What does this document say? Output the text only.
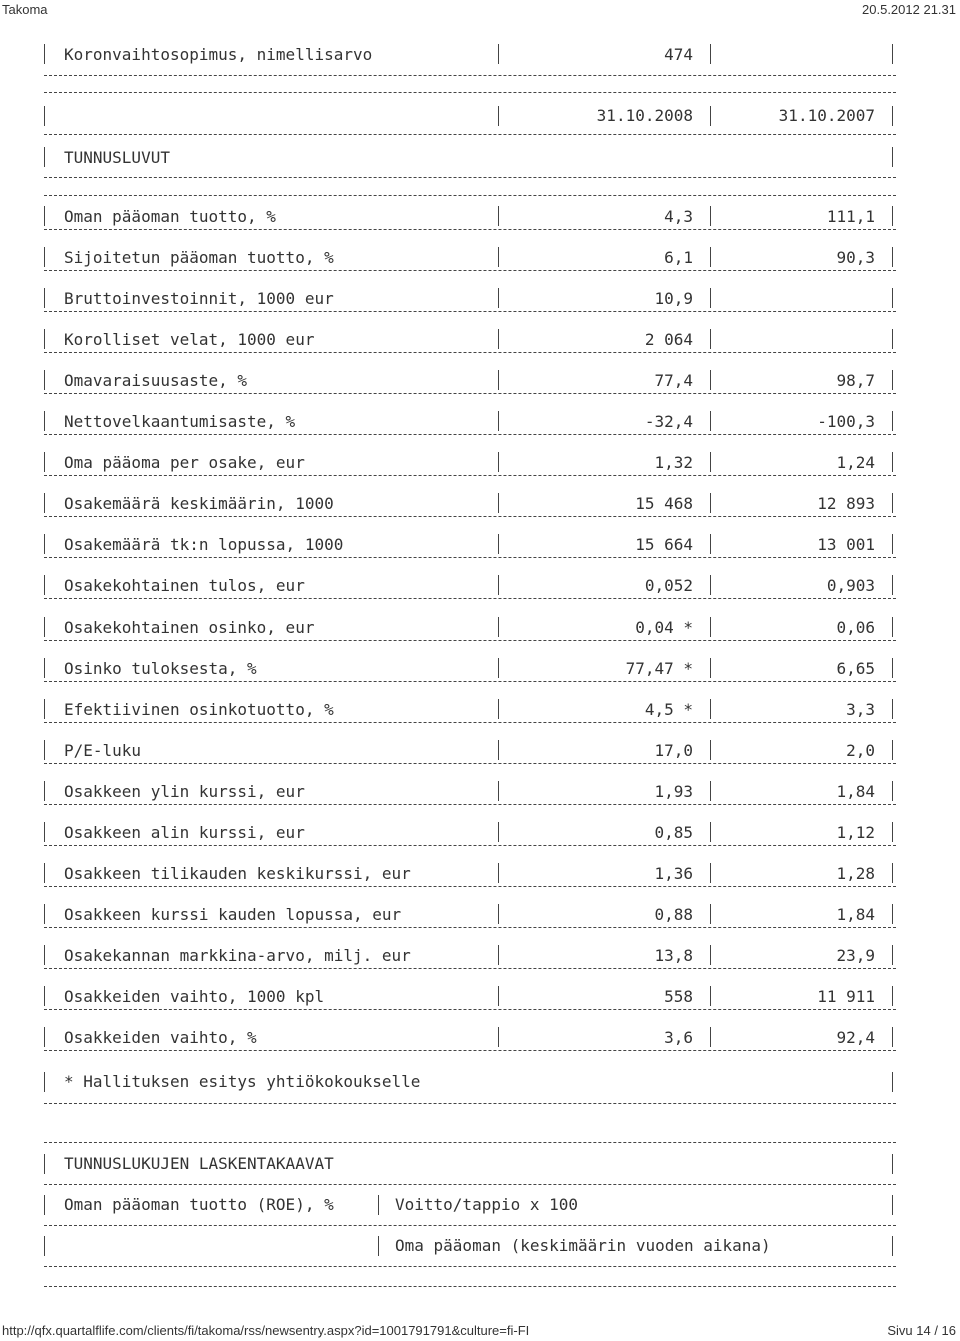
Takoma	20.5.2012 21.31
Koronvaihtosopimus, nimellisarvo	474
31.10.2008	31.10.2007
TUNNUSLUVUT
Oman pääoman tuotto, %	4,3	111,1
Sijoitetun pääoman tuotto, %	6,1	90,3
Bruttoinvestoinnit, 1000 eur	10,9
Korolliset velat, 1000 eur	2 064
Omavaraisuusaste, %	77,4	98,7
Nettovelkaantumisaste, %	-32,4	-100,3
Oma pääoma per osake, eur	1,32	1,24
Osakemäärä keskimäärin, 1000	15 468	12 893
Osakemäärä tk:n lopussa, 1000	15 664	13 001
Osakekohtainen tulos, eur	0,052	0,903
Osakekohtainen osinko, eur	0,04 *	0,06
Osinko tuloksesta, %	77,47 *	6,65
Efektiivinen osinkotuotto, %	4,5 *	3,3
P/E-luku	17,0	2,0
Osakkeen ylin kurssi, eur	1,93	1,84
Osakkeen alin kurssi, eur	0,85	1,12
Osakkeen tilikauden keskikurssi, eur	1,36	1,28
Osakkeen kurssi kauden lopussa, eur	0,88	1,84
Osakekannan markkina-arvo, milj. eur	13,8	23,9
Osakkeiden vaihto, 1000 kpl	558	11 911
Osakkeiden vaihto, %	3,6	92,4
* Hallituksen esitys yhtiökokoukselle
TUNNUSLUKUJEN LASKENTAKAAVAT
Oman pääoman tuotto (ROE), %	Voitto/tappio x 100
Oma pääoman (keskimäärin vuoden aikana)
http://qfx.quartalflife.com/clients/fi/takoma/rss/newsentry.aspx?id=1001791791&culture=fi-FI	Sivu 14 / 16
